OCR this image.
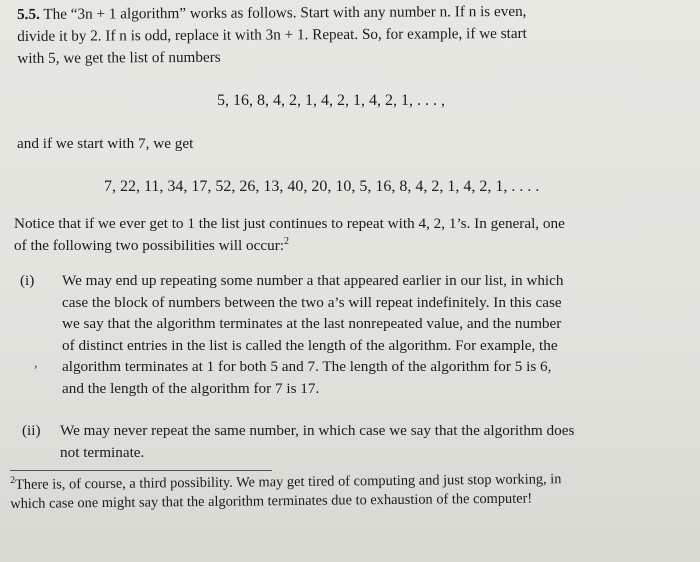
5.5. The “3n + 1 algorithm” works as follows. Start with any number n. If n is even,
divide it by 2. If n is odd, replace it with 3n + 1. Repeat. So, for example, if we start
with 5, we get the list of numbers
5, 16, 8, 4, 2, 1, 4, 2, 1, 4, 2, 1, . . . ,
and if we start with 7, we get
7, 22, 11, 34, 17, 52, 26, 13, 40, 20, 10, 5, 16, 8, 4, 2, 1, 4, 2, 1, . . . .
Notice that if we ever get to 1 the list just continues to repeat with 4, 2, 1’s. In general, one
of the following two possibilities will occur:$^2$
(i) We may end up repeating some number a that appeared earlier in our list, in which
case the block of numbers between the two a’s will repeat indefinitely. In this case
we say that the algorithm terminates at the last nonrepeated value, and the number
of distinct entries in the list is called the length of the algorithm. For example, the
algorithm terminates at 1 for both 5 and 7. The length of the algorithm for 5 is 6,
and the length of the algorithm for 7 is 17.
,
(ii) We may never repeat the same number, in which case we say that the algorithm does
not terminate.
$^2$There is, of course, a third possibility. We may get tired of computing and just stop working, in
which case one might say that the algorithm terminates due to exhaustion of the computer!
